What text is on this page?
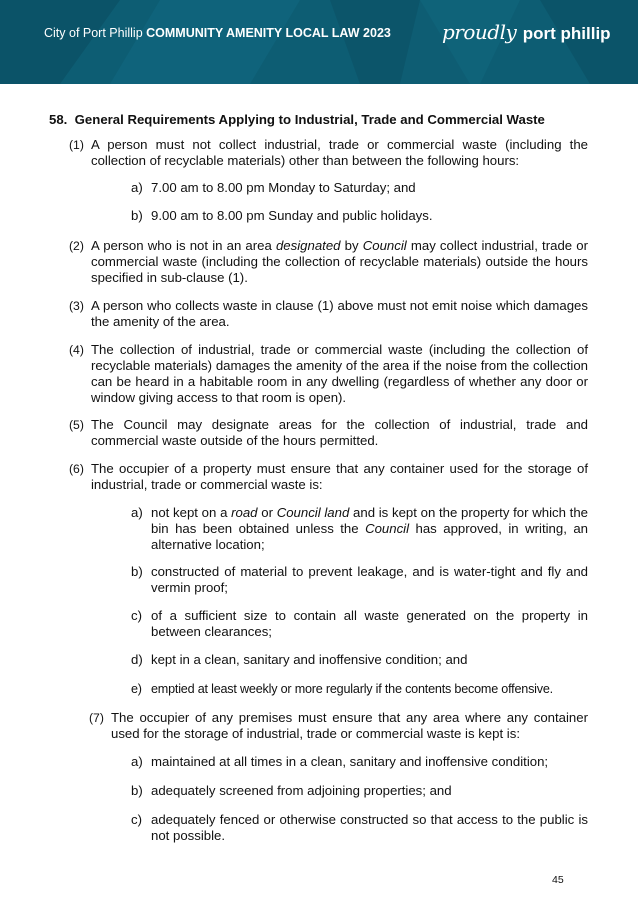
City of Port Phillip COMMUNITY AMENITY LOCAL LAW 2023	proudly port phillip
58. General Requirements Applying to Industrial, Trade and Commercial Waste
(1) A person must not collect industrial, trade or commercial waste (including the collection of recyclable materials) other than between the following hours:
a) 7.00 am to 8.00 pm Monday to Saturday; and
b) 9.00 am to 8.00 pm Sunday and public holidays.
(2) A person who is not in an area designated by Council may collect industrial, trade or commercial waste (including the collection of recyclable materials) outside the hours specified in sub-clause (1).
(3) A person who collects waste in clause (1) above must not emit noise which damages the amenity of the area.
(4) The collection of industrial, trade or commercial waste (including the collection of recyclable materials) damages the amenity of the area if the noise from the collection can be heard in a habitable room in any dwelling (regardless of whether any door or window giving access to that room is open).
(5) The Council may designate areas for the collection of industrial, trade and commercial waste outside of the hours permitted.
(6) The occupier of a property must ensure that any container used for the storage of industrial, trade or commercial waste is:
a) not kept on a road or Council land and is kept on the property for which the bin has been obtained unless the Council has approved, in writing, an alternative location;
b) constructed of material to prevent leakage, and is water-tight and fly and vermin proof;
c) of a sufficient size to contain all waste generated on the property in between clearances;
d) kept in a clean, sanitary and inoffensive condition; and
e) emptied at least weekly or more regularly if the contents become offensive.
(7) The occupier of any premises must ensure that any area where any container used for the storage of industrial, trade or commercial waste is kept is:
a) maintained at all times in a clean, sanitary and inoffensive condition;
b) adequately screened from adjoining properties; and
c) adequately fenced or otherwise constructed so that access to the public is not possible.
45
